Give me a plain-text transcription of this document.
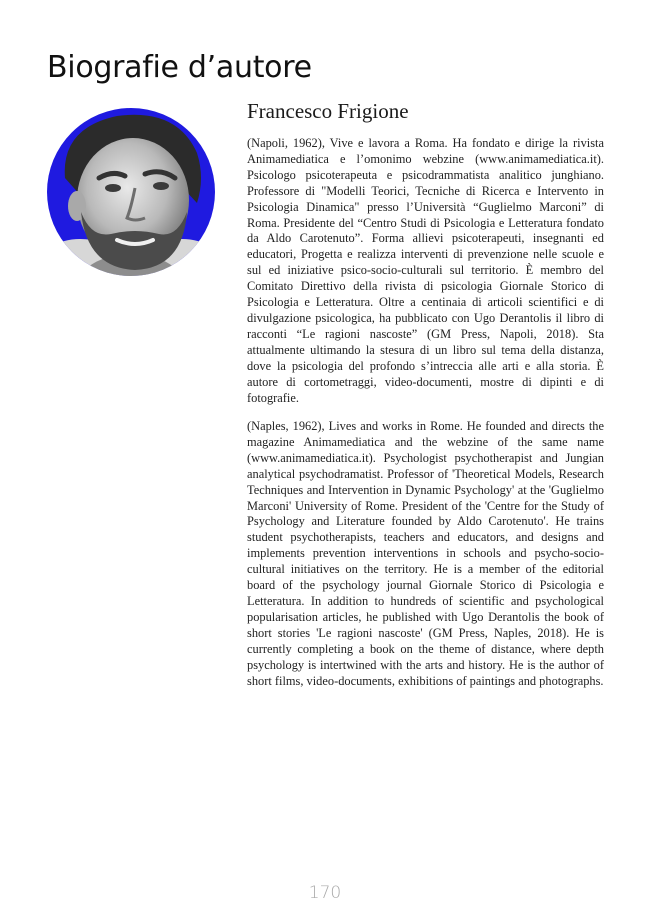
Biografie d’autore
Francesco Frigione

(Napoli, 1962), Vive e lavora a Roma. Ha fondato e dirige la rivista Animamediatica e l’omonimo webzine (www.animamediatica.it). Psicologo psicoterapeuta e psicodrammatista analitico junghiano. Professore di "Modelli Teorici, Tecniche di Ricerca e Intervento in Psicologia Dinamica" presso l’Università “Guglielmo Marconi” di Roma. Presidente del “Centro Studi di Psicologia e Letteratura fondato da Aldo Carotenuto”. Forma allievi psicoterapeuti, insegnanti ed educatori, Progetta e realizza interventi di prevenzione nelle scuole e sul ed iniziative psico-socio-culturali sul territorio. È membro del Comitato Direttivo della rivista di psicologia Giornale Storico di Psicologia e Letteratura. Oltre a centinaia di articoli scientifici e di divulgazione psicologica, ha pubblicato con Ugo Derantolis il libro di racconti “Le ragioni nascoste” (GM Press, Napoli, 2018). Sta attualmente ultimando la stesura di un libro sul tema della distanza, dove la psicologia del profondo s’intreccia alle arti e alla storia. È autore di cortometraggi, video-documenti, mostre di dipinti e di fotografie.

(Naples, 1962), Lives and works in Rome. He founded and directs the magazine Animamediatica and the webzine of the same name (www.animamediatica.it). Psychologist psychotherapist and Jungian analytical psychodramatist. Professor of 'Theoretical Models, Research Techniques and Intervention in Dynamic Psychology' at the 'Guglielmo Marconi' University of Rome. President of the 'Centre for the Study of Psychology and Literature founded by Aldo Carotenuto'. He trains student psychotherapists, teachers and educators, and designs and implements prevention interventions in schools and psycho-socio-cultural initiatives on the territory. He is a member of the editorial board of the psychology journal Giornale Storico di Psicologia e Letteratura. In addition to hundreds of scientific and psychological popularisation articles, he published with Ugo Derantolis the book of short stories 'Le ragioni nascoste' (GM Press, Naples, 2018). He is currently completing a book on the theme of distance, where depth psychology is intertwined with the arts and history. He is the author of short films, video-documents, exhibitions of paintings and photographs.

170
